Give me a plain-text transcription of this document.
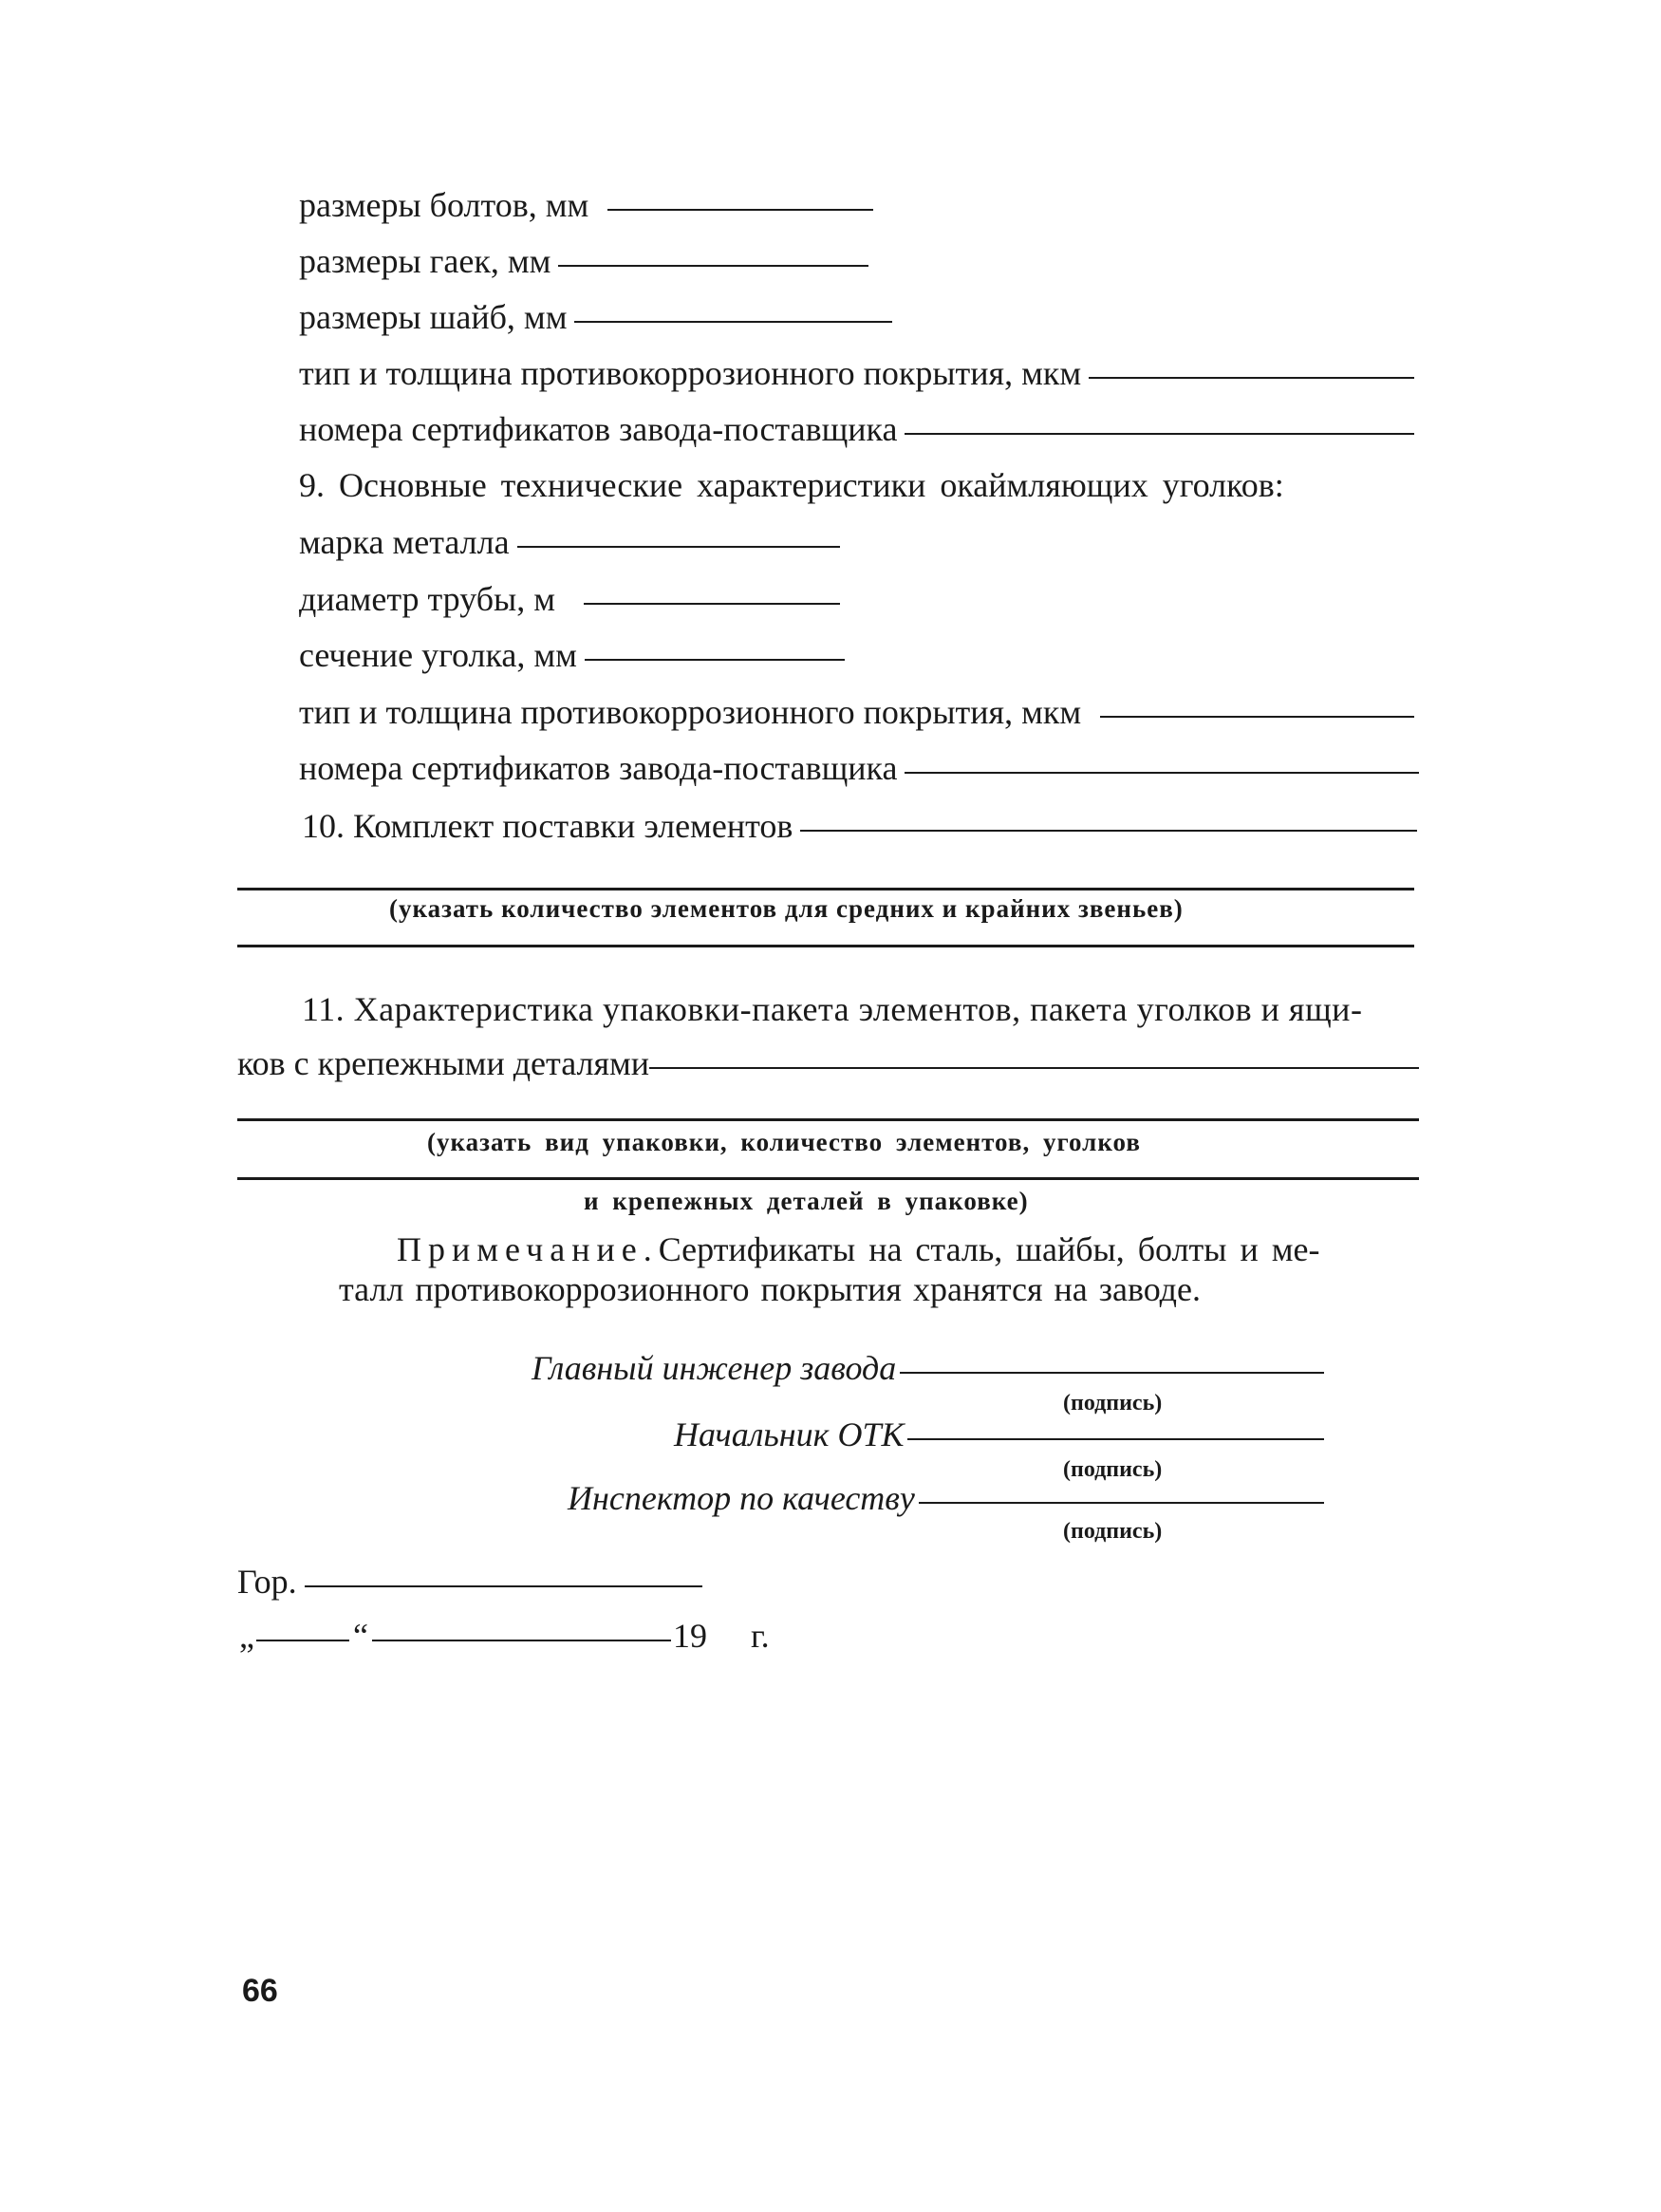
размеры болтов, мм
размеры гаек, мм
размеры шайб, мм
тип и толщина противокоррозионного покрытия, мкм
номера сертификатов завода-поставщика
9. Основные технические характеристики окаймляющих уголков:
марка металла
диаметр трубы, м
сечение уголка, мм
тип и толщина противокоррозионного покрытия, мкм
номера сертификатов завода-поставщика
10. Комплект поставки элементов
(указать количество элементов для средних и крайних звеньев)
11. Характеристика упаковки-пакета элементов, пакета уголков и ящи-
ков с крепежными деталями
(указать вид упаковки, количество элементов, уголков
и крепежных деталей в упаковке)
Примечание. Сертификаты на сталь, шайбы, болты и ме-
талл противокоррозионного покрытия хранятся на заводе.
Главный инженер завода
(подпись)
Начальник ОТК
(подпись)
Инспектор по качеству
(подпись)
Гор.
„	“	19 г.
66
